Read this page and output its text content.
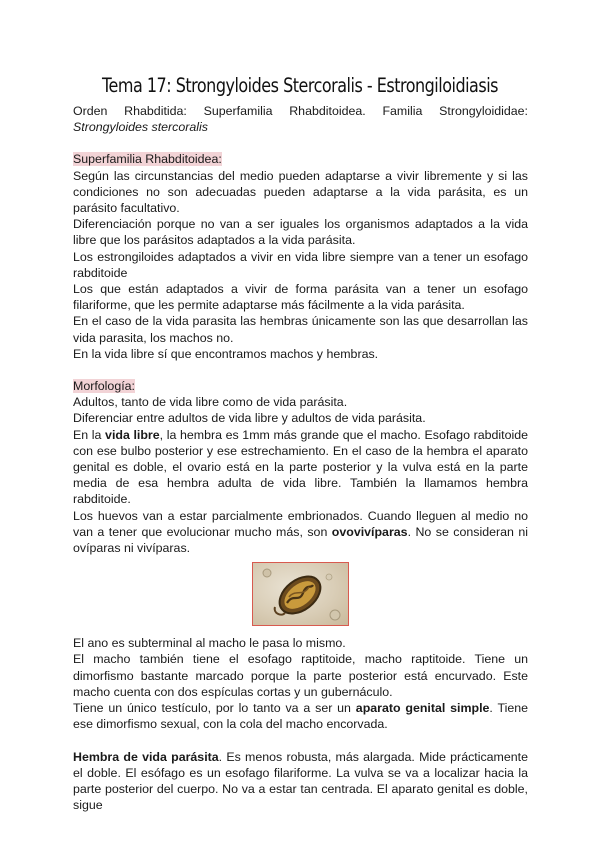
Tema 17: Strongyloides Stercoralis - Estrongiloidiasis

Orden Rhabditida: Superfamilia Rhabditoidea. Familia Strongyloididae: Strongyloides stercoralis

Superfamilia Rhabditoidea:

Según las circunstancias del medio pueden adaptarse a vivir libremente y si las condiciones no son adecuadas pueden adaptarse a la vida parásita, es un parásito facultativo.

Diferenciación porque no van a ser iguales los organismos adaptados a la vida libre que los parásitos adaptados a la vida parásita.

Los estrongiloides adaptados a vivir en vida libre siempre van a tener un esofago rabditoide

Los que están adaptados a vivir de forma parásita van a tener un esofago filariforme, que les permite adaptarse más fácilmente a la vida parásita.

En el caso de la vida parasita las hembras únicamente son las que desarrollan las vida parasita, los machos no.

En la vida libre sí que encontramos machos y hembras.

Morfología:

Adultos, tanto de vida libre como de vida parásita.

Diferenciar entre adultos de vida libre y adultos de vida parásita.

En la vida libre, la hembra es 1mm más grande que el macho. Esofago rabditoide con ese bulbo posterior y ese estrechamiento. En el caso de la hembra el aparato genital es doble, el ovario está en la parte posterior y la vulva está en la parte media de esa hembra adulta de vida libre. También la llamamos hembra rabditoide.

Los huevos van a estar parcialmente embrionados. Cuando lleguen al medio no van a tener que evolucionar mucho más, son ovovivíparas. No se consideran ni ovíparas ni vivíparas.

El ano es subterminal al macho le pasa lo mismo.

El macho también tiene el esofago raptitoide, macho raptitoide. Tiene un dimorfismo bastante marcado porque la parte posterior está encurvado. Este macho cuenta con dos espículas cortas y un gubernáculo.

Tiene un único testículo, por lo tanto va a ser un aparato genital simple. Tiene ese dimorfismo sexual, con la cola del macho encorvada.

Hembra de vida parásita. Es menos robusta, más alargada. Mide prácticamente el doble. El esófago es un esofago filariforme. La vulva se va a localizar hacia la parte posterior del cuerpo. No va a estar tan centrada. El aparato genital es doble, sigue
